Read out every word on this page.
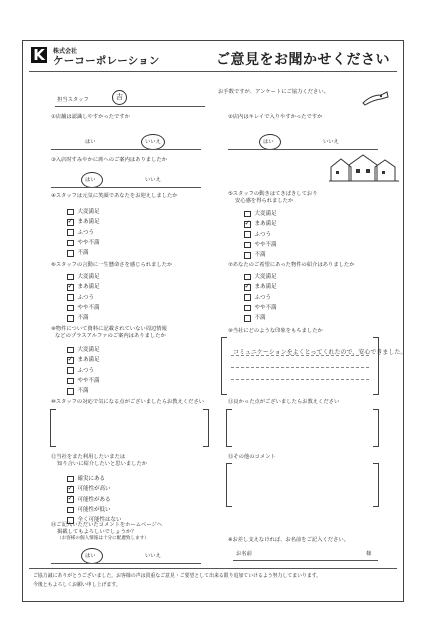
K	株式会社
ケーコーポレーション	ご意見をお聞かせください
担当スタッフ	吉
お手数ですが、アンケートにご協力ください。
①店舗は認識しやすかったですか
はい	いいえ
②店内はキレイで入りやすかったですか
はい	いいえ
③入店时すみやかに席へのご案内はありましたか
はい	いいえ
④スタッフは元気に笑顔であなたをお迎えしましたか
大変満足
✓
まあ満足
ふつう
やや不満
不満
⑤スタッフの動きはてきぱきしており
安心感を得られましたか
大変満足
✓
まあ満足
ふつう
やや不満
不満
⑥スタッフの言動に一生懸命さを感じられましたか
大変満足
✓
まあ満足
ふつう
やや不満
不満
⑦あなたのご希望にあった物件の紹介はありましたか
大変満足
✓
まあ満足
ふつう
やや不満
不満
⑧物件について資料に記載されていない周辺情報
などのプラスアルファのご案内はありましたか
大変満足
✓
まあ満足
ふつう
やや不満
不満
⑨当社にどのような印象をもちましたか
コミュニケーションをよくとってくれたので、安心できました。
⑩スタッフの対応で気になる点がございましたらお教えください	⑪良かった点がございましたらお教えください
⑫当社をまた利用したいまたは
知り合いに紹介したいと思いましたか
確実にある
✓
可能性が高い
✓
可能性がある
可能性が低い
全く可能性はない
⑬その他のコメント
⑭ご記入いただいたコメントをホームページへ
掲載してもよろしいでしょうか？
（お客様の個人情報は十分に配慮致します）
はい	いいえ
※お差し支えなければ、お名前をご記入ください。
お名前	様
ご協力誠にありがとうございました。お客様の声は貴重なご意見・ご要望として出来る限り追加ていけるよう努力してまいります。
今後ともよろしくお願い申し上げます。
